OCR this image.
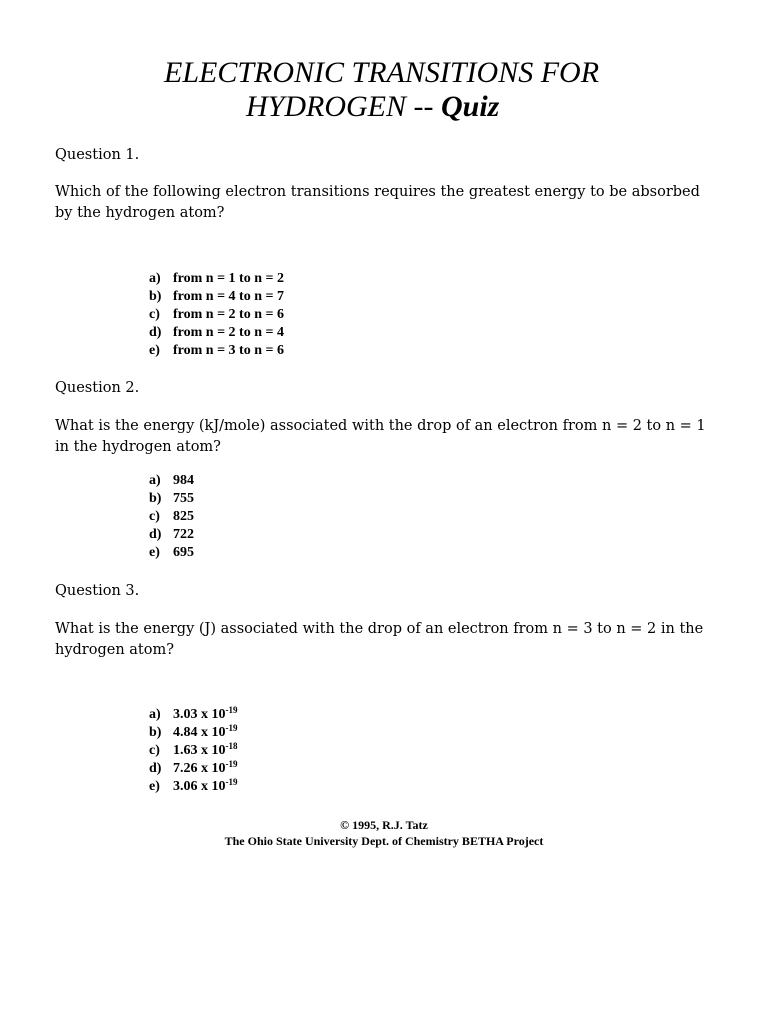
ELECTRONIC TRANSITIONS FOR
HYDROGEN -- Quiz
Question 1.
Which of the following electron transitions requires the greatest energy to be absorbed
by the hydrogen atom?
a) from n = 1 to n = 2
b) from n = 4 to n = 7
c) from n = 2 to n = 6
d) from n = 2 to n = 4
e) from n = 3 to n = 6
Question 2.
What is the energy (kJ/mole) associated with the drop of an electron from n = 2 to n = 1
in the hydrogen atom?
a) 984
b) 755
c) 825
d) 722
e) 695
Question 3.
What is the energy (J) associated with the drop of an electron from n = 3 to n = 2 in the
hydrogen atom?
a) 3.03 x $10^{-19}$
b) 4.84 x $10^{-19}$
c) 1.63 x $10^{-18}$
d) 7.26 x $10^{-19}$
e) 3.06 x $10^{-19}$
© 1995, R.J. Tatz
The Ohio State University Dept. of Chemistry BETHA Project
